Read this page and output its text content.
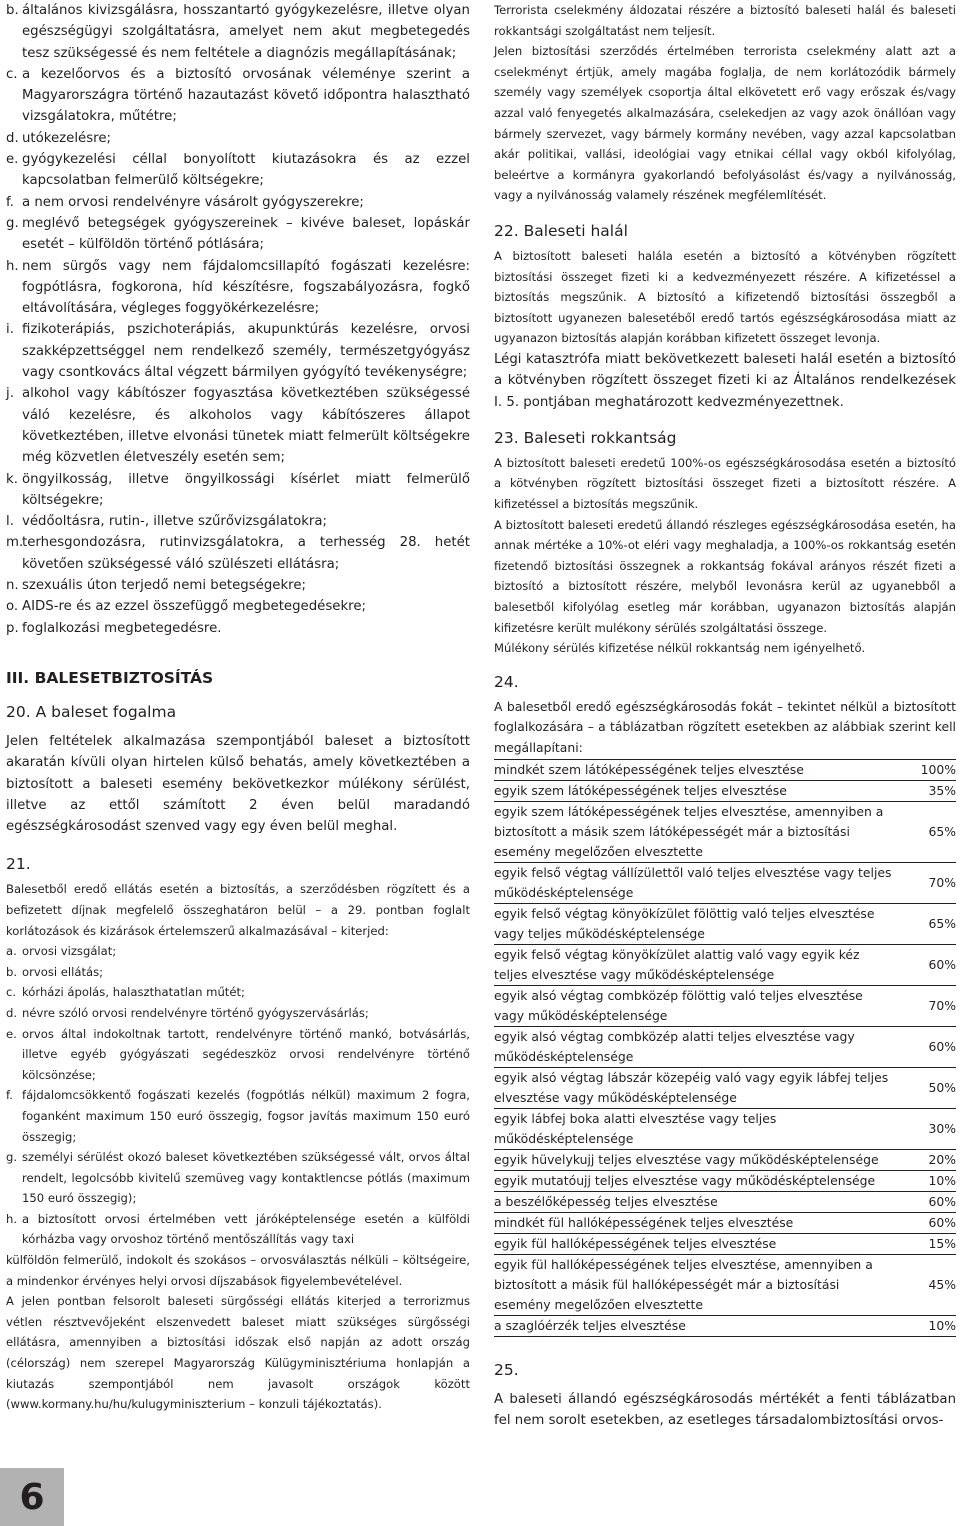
b. általános kivizsgálásra, hosszantartó gyógykezelésre, illetve olyan egészségügyi szolgáltatásra, amelyet nem akut megbetegedés tesz szükségessé és nem feltétele a diagnózis megállapításának;
c. a kezelőorvos és a biztosító orvosának véleménye szerint a Magyarországra történő hazautazást követő időpontra halasztható vizsgálatokra, műtétre;
d. utókezelésre;
e. gyógykezelési céllal bonyolított kiutazásokra és az ezzel kapcsolatban felmerülő költségekre;
f. a nem orvosi rendelvényre vásárolt gyógyszerekre;
g. meglévő betegségek gyógyszereinek – kivéve baleset, lopáskár esetét – külföldön történő pótlására;
h. nem sürgős vagy nem fájdalomcsillapító fogászati kezelésre: fogpótlásra, fogkorona, híd készítésre, fogszabályozásra, fogkő eltávolítására, végleges foggyökérkezelésre;
i. fizikoterápiás, pszichoterápiás, akupunktúrás kezelésre, orvosi szakképzettséggel nem rendelkező személy, természetgyógyász vagy csontkovács által végzett bármilyen gyógyító tevékenységre;
j. alkohol vagy kábítószer fogyasztása következtében szükségessé váló kezelésre, és alkoholos vagy kábítószeres állapot következtében, illetve elvonási tünetek miatt felmerült költségekre még közvetlen életveszély esetén sem;
k. öngyilkosság, illetve öngyilkossági kísérlet miatt felmerülő költségekre;
l. védőoltásra, rutin-, illetve szűrővizsgálatokra;
m.
terhesgondozásra, rutinvizsgálatokra, a terhesség 28. hetét követően szükségessé váló szülészeti ellátásra;
n. szexuális úton terjedő nemi betegségekre;
o. AIDS-re és az ezzel összefüggő megbetegedésekre;
p. foglalkozási megbetegedésre.
III. BALESETBIZTOSÍTÁS
20. A baleset fogalma

Jelen feltételek alkalmazása szempontjából baleset a biztosított akaratán kívüli olyan hirtelen külső behatás, amely következtében a biztosított a baleseti esemény bekövetkezkor múlékony sérülést, illetve az ettől számított 2 éven belül maradandó egészségkárosodást szenved vagy egy éven belül meghal.

21.

Balesetből eredő ellátás esetén a biztosítás, a szerződésben rögzített és a befizetett díjnak megfelelő összeghatáron belül – a 29. pontban foglalt korlátozások és kizárások értelemszerű alkalmazásával – kiterjed:

a. orvosi vizsgálat;
b. orvosi ellátás;
c. kórházi ápolás, halaszthatatlan műtét;
d. névre szóló orvosi rendelvényre történő gyógyszervásárlás;
e. orvos által indokoltnak tartott, rendelvényre történő mankó, botvásárlás, illetve egyéb gyógyászati segédeszköz orvosi rendelvényre történő kölcsönzése;
f. fájdalomcsökkentő fogászati kezelés (fogpótlás nélkül) maximum 2 fogra, foganként maximum 150 euró összegig, fogsor javítás maximum 150 euró összegig;
g. személyi sérülést okozó baleset következtében szükségessé vált, orvos által rendelt, legolcsóbb kivitelű szemüveg vagy kontaktlencse pótlás (maximum 150 euró összegig);
h. a biztosított orvosi értelmében vett járóképtelensége esetén a külföldi kórházba vagy orvoshoz történő mentőszállítás vagy taxi

külföldön felmerülő, indokolt és szokásos – orvosválasztás nélküli – költségeire, a mindenkor érvényes helyi orvosi díjszabások figyelembevételével.

A jelen pontban felsorolt baleseti sürgősségi ellátás kiterjed a terrorizmus vétlen résztvevőjeként elszenvedett baleset miatt szükséges sürgősségi ellátásra, amennyiben a biztosítási időszak első napján az adott ország (célország) nem szerepel Magyarország Külügyminisztériuma honlapján a kiutazás szempontjából nem javasolt országok között (www.kormany.hu/hu/kulugyminiszterium – konzuli tájékoztatás).

Terrorista cselekmény áldozatai részére a biztosító baleseti halál és baleseti rokkantsági szolgáltatást nem teljesít.

Jelen biztosítási szerződés értelmében terrorista cselekmény alatt azt a cselekményt értjük, amely magába foglalja, de nem korlátozódik bármely személy vagy személyek csoportja által elkövetett erő vagy erőszak és/vagy azzal való fenyegetés alkalmazására, cselekedjen az vagy azok önállóan vagy bármely szervezet, vagy bármely kormány nevében, vagy azzal kapcsolatban akár politikai, vallási, ideológiai vagy etnikai céllal vagy okból kifolyólag, beleértve a kormányra gyakorlandó befolyásolást és/vagy a nyilvánosság, vagy a nyilvánosság valamely részének megfélemlítését.

22. Baleseti halál

A biztosított baleseti halála esetén a biztosító a kötvényben rögzített biztosítási összeget fizeti ki a kedvezményezett részére. A kifizetéssel a biztosítás megszűnik. A biztosító a kifizetendő biztosítási összegből a biztosított ugyanezen balesetéből eredő tartós egészségkárosodása miatt az ugyanazon biztosítás alapján korábban kifizetett összeget levonja.

Légi katasztrófa miatt bekövetkezett baleseti halál esetén a biztosító a kötvényben rögzített összeget fizeti ki az Általános rendelkezések I. 5. pontjában meghatározott kedvezményezettnek.

23. Baleseti rokkantság

A biztosított baleseti eredetű 100%-os egészségkárosodása esetén a biztosító a kötvényben rögzített biztosítási összeget fizeti a biztosított részére. A kifizetéssel a biztosítás megszűnik.

A biztosított baleseti eredetű állandó részleges egészségkárosodása esetén, ha annak mértéke a 10%-ot eléri vagy meghaladja, a 100%-os rokkantság esetén fizetendő biztosítási összegnek a rokkantság fokával arányos részét fizeti a biztosító a biztosított részére, melyből levonásra kerül az ugyanebből a balesetből kifolyólag esetleg már korábban, ugyanazon biztosítás alapján kifizetésre került mulékony sérülés szolgáltatási összege.

Múlékony sérülés kifizetése nélkül rokkantság nem igényelhető.

24.

A balesetből eredő egészségkárosodás fokát – tekintet nélkül a biztosított foglalkozására – a táblázatban rögzített esetekben az alábbiak szerint kell megállapítani:

mindkét szem látóképességének teljes elvesztése	100%
egyik szem látóképességének teljes elvesztése	35%
egyik szem látóképességének teljes elvesztése, amennyiben a biztosított a másik szem látóképességét már a biztosítási esemény megelőzően elvesztette	65%
egyik felső végtag vállízülettől való teljes elvesztése vagy teljes működésképtelensége	70%
egyik felső végtag könyökízület fölöttig való teljes elvesztése vagy teljes működésképtelensége	65%
egyik felső végtag könyökízület alattig való vagy egyik kéz teljes elvesztése vagy működésképtelensége	60%
egyik alsó végtag combközép fölöttig való teljes elvesztése vagy működésképtelensége	70%
egyik alsó végtag combközép alatti teljes elvesztése vagy működésképtelensége	60%
egyik alsó végtag lábszár közepéig való vagy egyik lábfej teljes elvesztése vagy működésképtelensége	50%
egyik lábfej boka alatti elvesztése vagy teljes működésképtelensége	30%
egyik hüvelykujj teljes elvesztése vagy működésképtelensége	20%
egyik mutatóujj teljes elvesztése vagy működésképtelensége	10%
a beszélőképesség teljes elvesztése	60%
mindkét fül hallóképességének teljes elvesztése	60%
egyik fül hallóképességének teljes elvesztése	15%
egyik fül hallóképességének teljes elvesztése, amennyiben a biztosított a másik fül hallóképességét már a biztosítási esemény megelőzően elvesztette	45%
a szaglóérzék teljes elvesztése	10%
25.

A baleseti állandó egészségkárosodás mértékét a fenti táblázatban fel nem sorolt esetekben, az esetleges társadalombiztosítási orvos-

6
